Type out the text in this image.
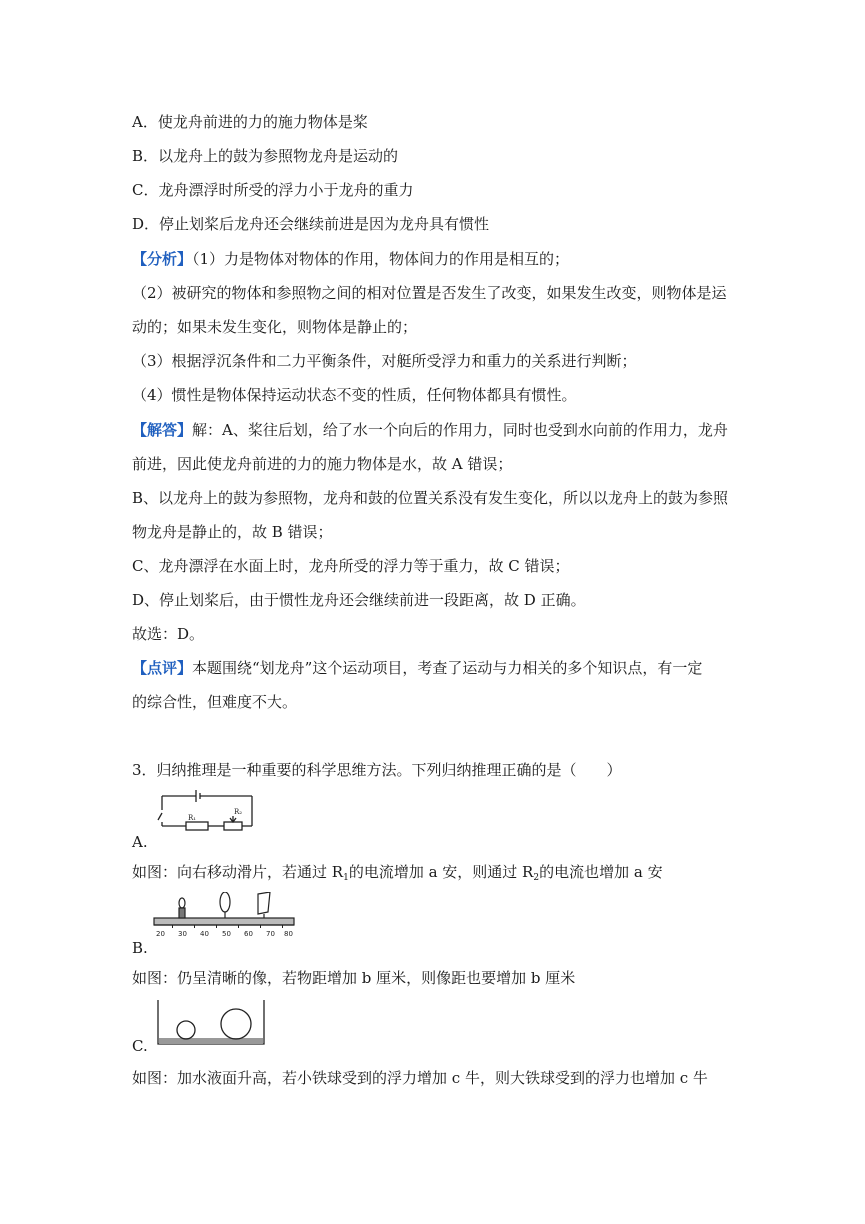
A．使龙舟前进的力的施力物体是桨
B．以龙舟上的鼓为参照物龙舟是运动的
C．龙舟漂浮时所受的浮力小于龙舟的重力
D．停止划桨后龙舟还会继续前进是因为龙舟具有惯性
【分析】（1）力是物体对物体的作用，物体间力的作用是相互的；
（2）被研究的物体和参照物之间的相对位置是否发生了改变，如果发生改变，则物体是运
动的；如果未发生变化，则物体是静止的；
（3）根据浮沉条件和二力平衡条件，对艇所受浮力和重力的关系进行判断；
（4）惯性是物体保持运动状态不变的性质，任何物体都具有惯性。
【解答】解：A、桨往后划，给了水一个向后的作用力，同时也受到水向前的作用力，龙舟
前进，因此使龙舟前进的力的施力物体是水，故 A 错误；
B、以龙舟上的鼓为参照物，龙舟和鼓的位置关系没有发生变化，所以以龙舟上的鼓为参照
物龙舟是静止的，故 B 错误；
C、龙舟漂浮在水面上时，龙舟所受的浮力等于重力，故 C 错误；
D、停止划桨后，由于惯性龙舟还会继续前进一段距离，故 D 正确。
故选：D。
【点评】本题围绕“划龙舟”这个运动项目，考查了运动与力相关的多个知识点，有一定
的综合性，但难度不大。
3．归纳推理是一种重要的科学思维方法。下列归纳推理正确的是（　　）
R₁
R₂
A.
如图：向右移动滑片，若通过 $R_1$的电流增加 a 安，则通过 $R_2$的电流也增加 a 安
20 30 40 50 60 70 80
B.
如图：仍呈清晰的像，若物距增加 b 厘米，则像距也要增加 b 厘米
C.
如图：加水液面升高，若小铁球受到的浮力增加 c 牛，则大铁球受到的浮力也增加 c 牛
